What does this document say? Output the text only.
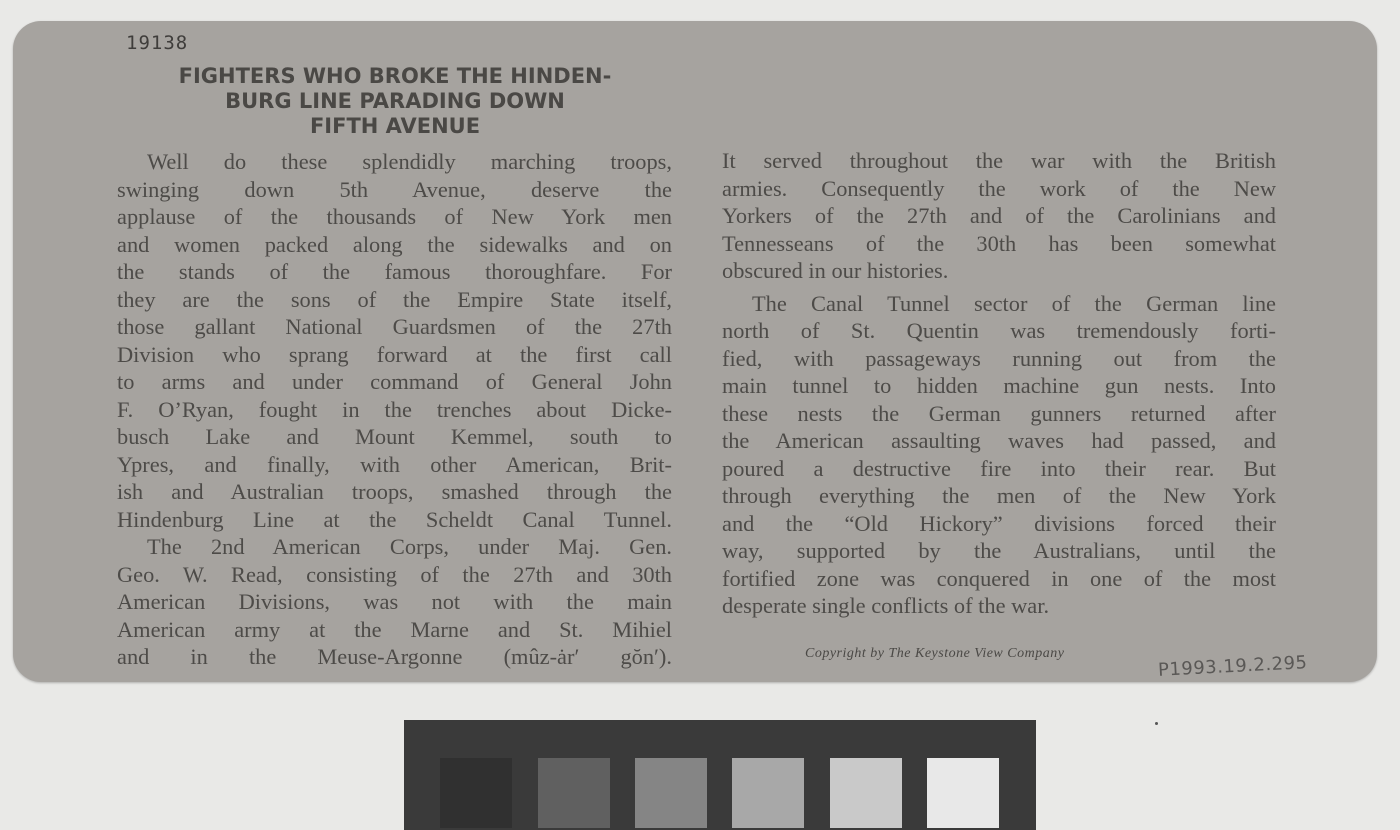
19138
FIGHTERS WHO BROKE THE HINDEN-
BURG LINE PARADING DOWN
FIFTH AVENUE
Well do these splendidly marching troops,
swinging down 5th Avenue, deserve the
applause of the thousands of New York men
and women packed along the sidewalks and on
the stands of the famous thoroughfare. For
they are the sons of the Empire State itself,
those gallant National Guardsmen of the 27th
Division who sprang forward at the first call
to arms and under command of General John
F. O’Ryan, fought in the trenches about Dicke-
busch Lake and Mount Kemmel, south to
Ypres, and finally, with other American, Brit-
ish and Australian troops, smashed through the
Hindenburg Line at the Scheldt Canal Tunnel.
The 2nd American Corps, under Maj. Gen.
Geo. W. Read, consisting of the 27th and 30th
American Divisions, was not with the main
American army at the Marne and St. Mihiel
and in the Meuse-Argonne (mûz-ȧr′ gŏn′).

It served throughout the war with the British
armies. Consequently the work of the New
Yorkers of the 27th and of the Carolinians and
Tennesseans of the 30th has been somewhat
obscured in our histories.

The Canal Tunnel sector of the German line
north of St. Quentin was tremendously forti-
fied, with passageways running out from the
main tunnel to hidden machine gun nests. Into
these nests the German gunners returned after
the American assaulting waves had passed, and
poured a destructive fire into their rear. But
through everything the men of the New York
and the “Old Hickory” divisions forced their
way, supported by the Australians, until the
fortified zone was conquered in one of the most
desperate single conflicts of the war.

Copyright by The Keystone View Company	P1993.19.2.295
